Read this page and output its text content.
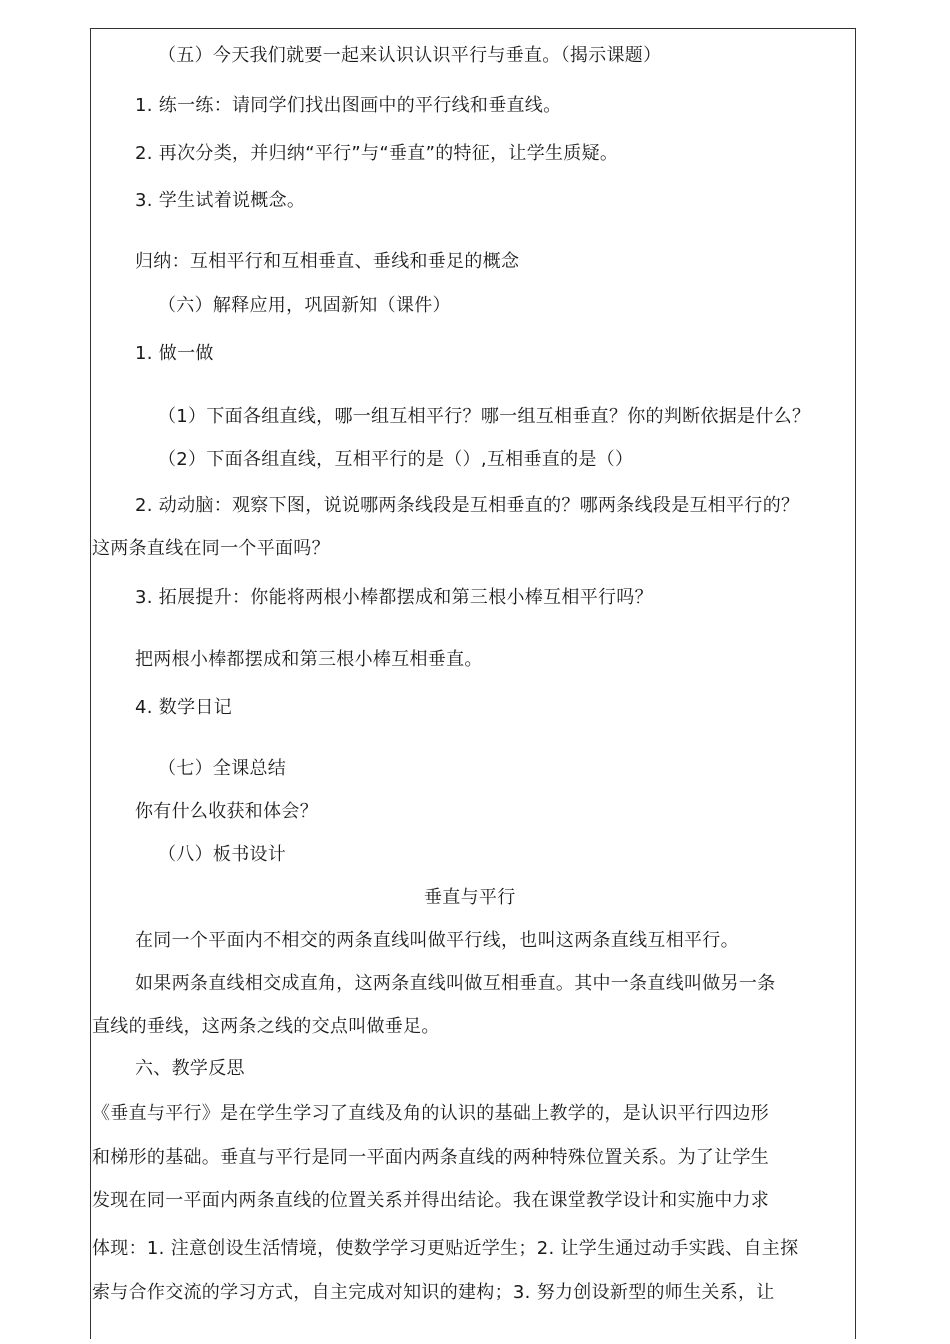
（五）今天我们就要一起来认识认识平行与垂直。（揭示课题）
1. 练一练：请同学们找出图画中的平行线和垂直线。
2. 再次分类，并归纳“平行”与“垂直”的特征，让学生质疑。
3. 学生试着说概念。
归纳：互相平行和互相垂直、垂线和垂足的概念
（六）解释应用，巩固新知（课件）
1. 做一做
（1）下面各组直线，哪一组互相平行？哪一组互相垂直？你的判断依据是什么？
（2）下面各组直线，互相平行的是（）,互相垂直的是（）
2. 动动脑：观察下图，说说哪两条线段是互相垂直的？哪两条线段是互相平行的？
这两条直线在同一个平面吗？
3. 拓展提升：你能将两根小棒都摆成和第三根小棒互相平行吗？
把两根小棒都摆成和第三根小棒互相垂直。
4. 数学日记
（七）全课总结
你有什么收获和体会？
（八）板书设计
垂直与平行
在同一个平面内不相交的两条直线叫做平行线，也叫这两条直线互相平行。
如果两条直线相交成直角，这两条直线叫做互相垂直。其中一条直线叫做另一条
直线的垂线，这两条之线的交点叫做垂足。
六、教学反思
《垂直与平行》是在学生学习了直线及角的认识的基础上教学的，是认识平行四边形
和梯形的基础。垂直与平行是同一平面内两条直线的两种特殊位置关系。为了让学生
发现在同一平面内两条直线的位置关系并得出结论。我在课堂教学设计和实施中力求
体现：1. 注意创设生活情境，使数学学习更贴近学生；2. 让学生通过动手实践、自主探
索与合作交流的学习方式，自主完成对知识的建构；3. 努力创设新型的师生关系，让
